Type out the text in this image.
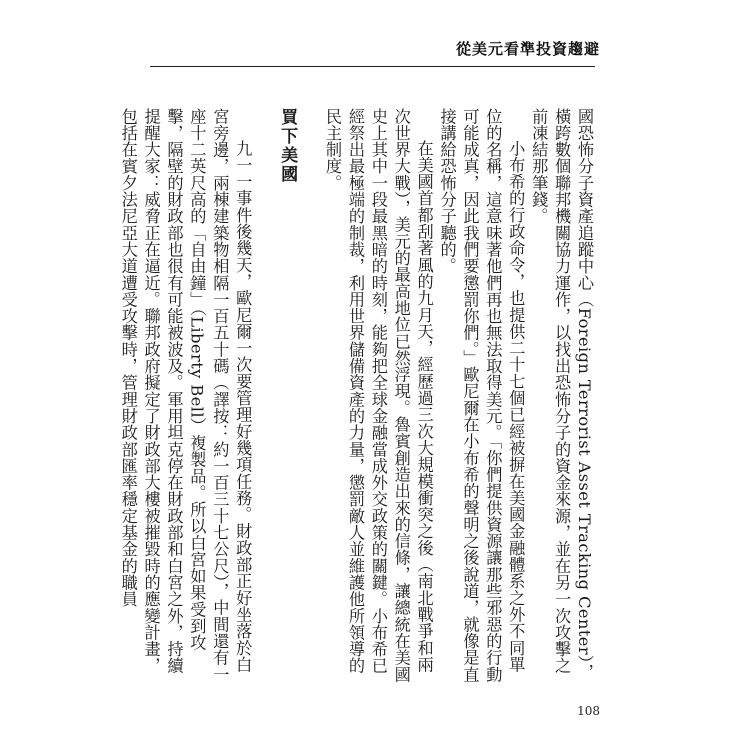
從美元看準投資趨避

國恐怖分子資產追蹤中心（Foreign Terrorist Asset Tracking Center），橫跨數個聯邦機關協力運作，以找出恐怖分子的資金來源，並在另一次攻擊之前凍結那筆錢。

小布希的行政命令，也提供二十七個已經被摒在美國金融體系之外不同單位的名稱，這意味著他們再也無法取得美元。「你們提供資源讓那些邪惡的行動可能成真，因此我們要懲罰你們。」歐尼爾在小布希的聲明之後說道，就像是直接講給恐怖分子聽的。

在美國首都刮著風的九月天，經歷過三次大規模衝突之後（南北戰爭和兩次世界大戰），美元的最高地位已然浮現。魯賓創造出來的信條，讓總統在美國史上其中一段最黑暗的時刻，能夠把全球金融當成外交政策的關鍵。小布希已經祭出最極端的制裁，利用世界儲備資產的力量，懲罰敵人並維護他所領導的民主制度。

買下美國

九一一事件後幾天，歐尼爾一次要管理好幾項任務。財政部正好坐落於白宮旁邊，兩棟建築物相隔一百五十碼（譯按：約一百三十七公尺），中間還有一座十二英尺高的「自由鐘」（Liberty Bell）複製品。所以白宮如果受到攻擊，隔壁的財政部也很有可能被波及。軍用坦克停在財政部和白宮之外，持續提醒大家：威脅正在逼近。聯邦政府擬定了財政部大樓被摧毀時的應變計畫，包括在賓夕法尼亞大道遭受攻擊時，管理財政部匯率穩定基金的職員

108
